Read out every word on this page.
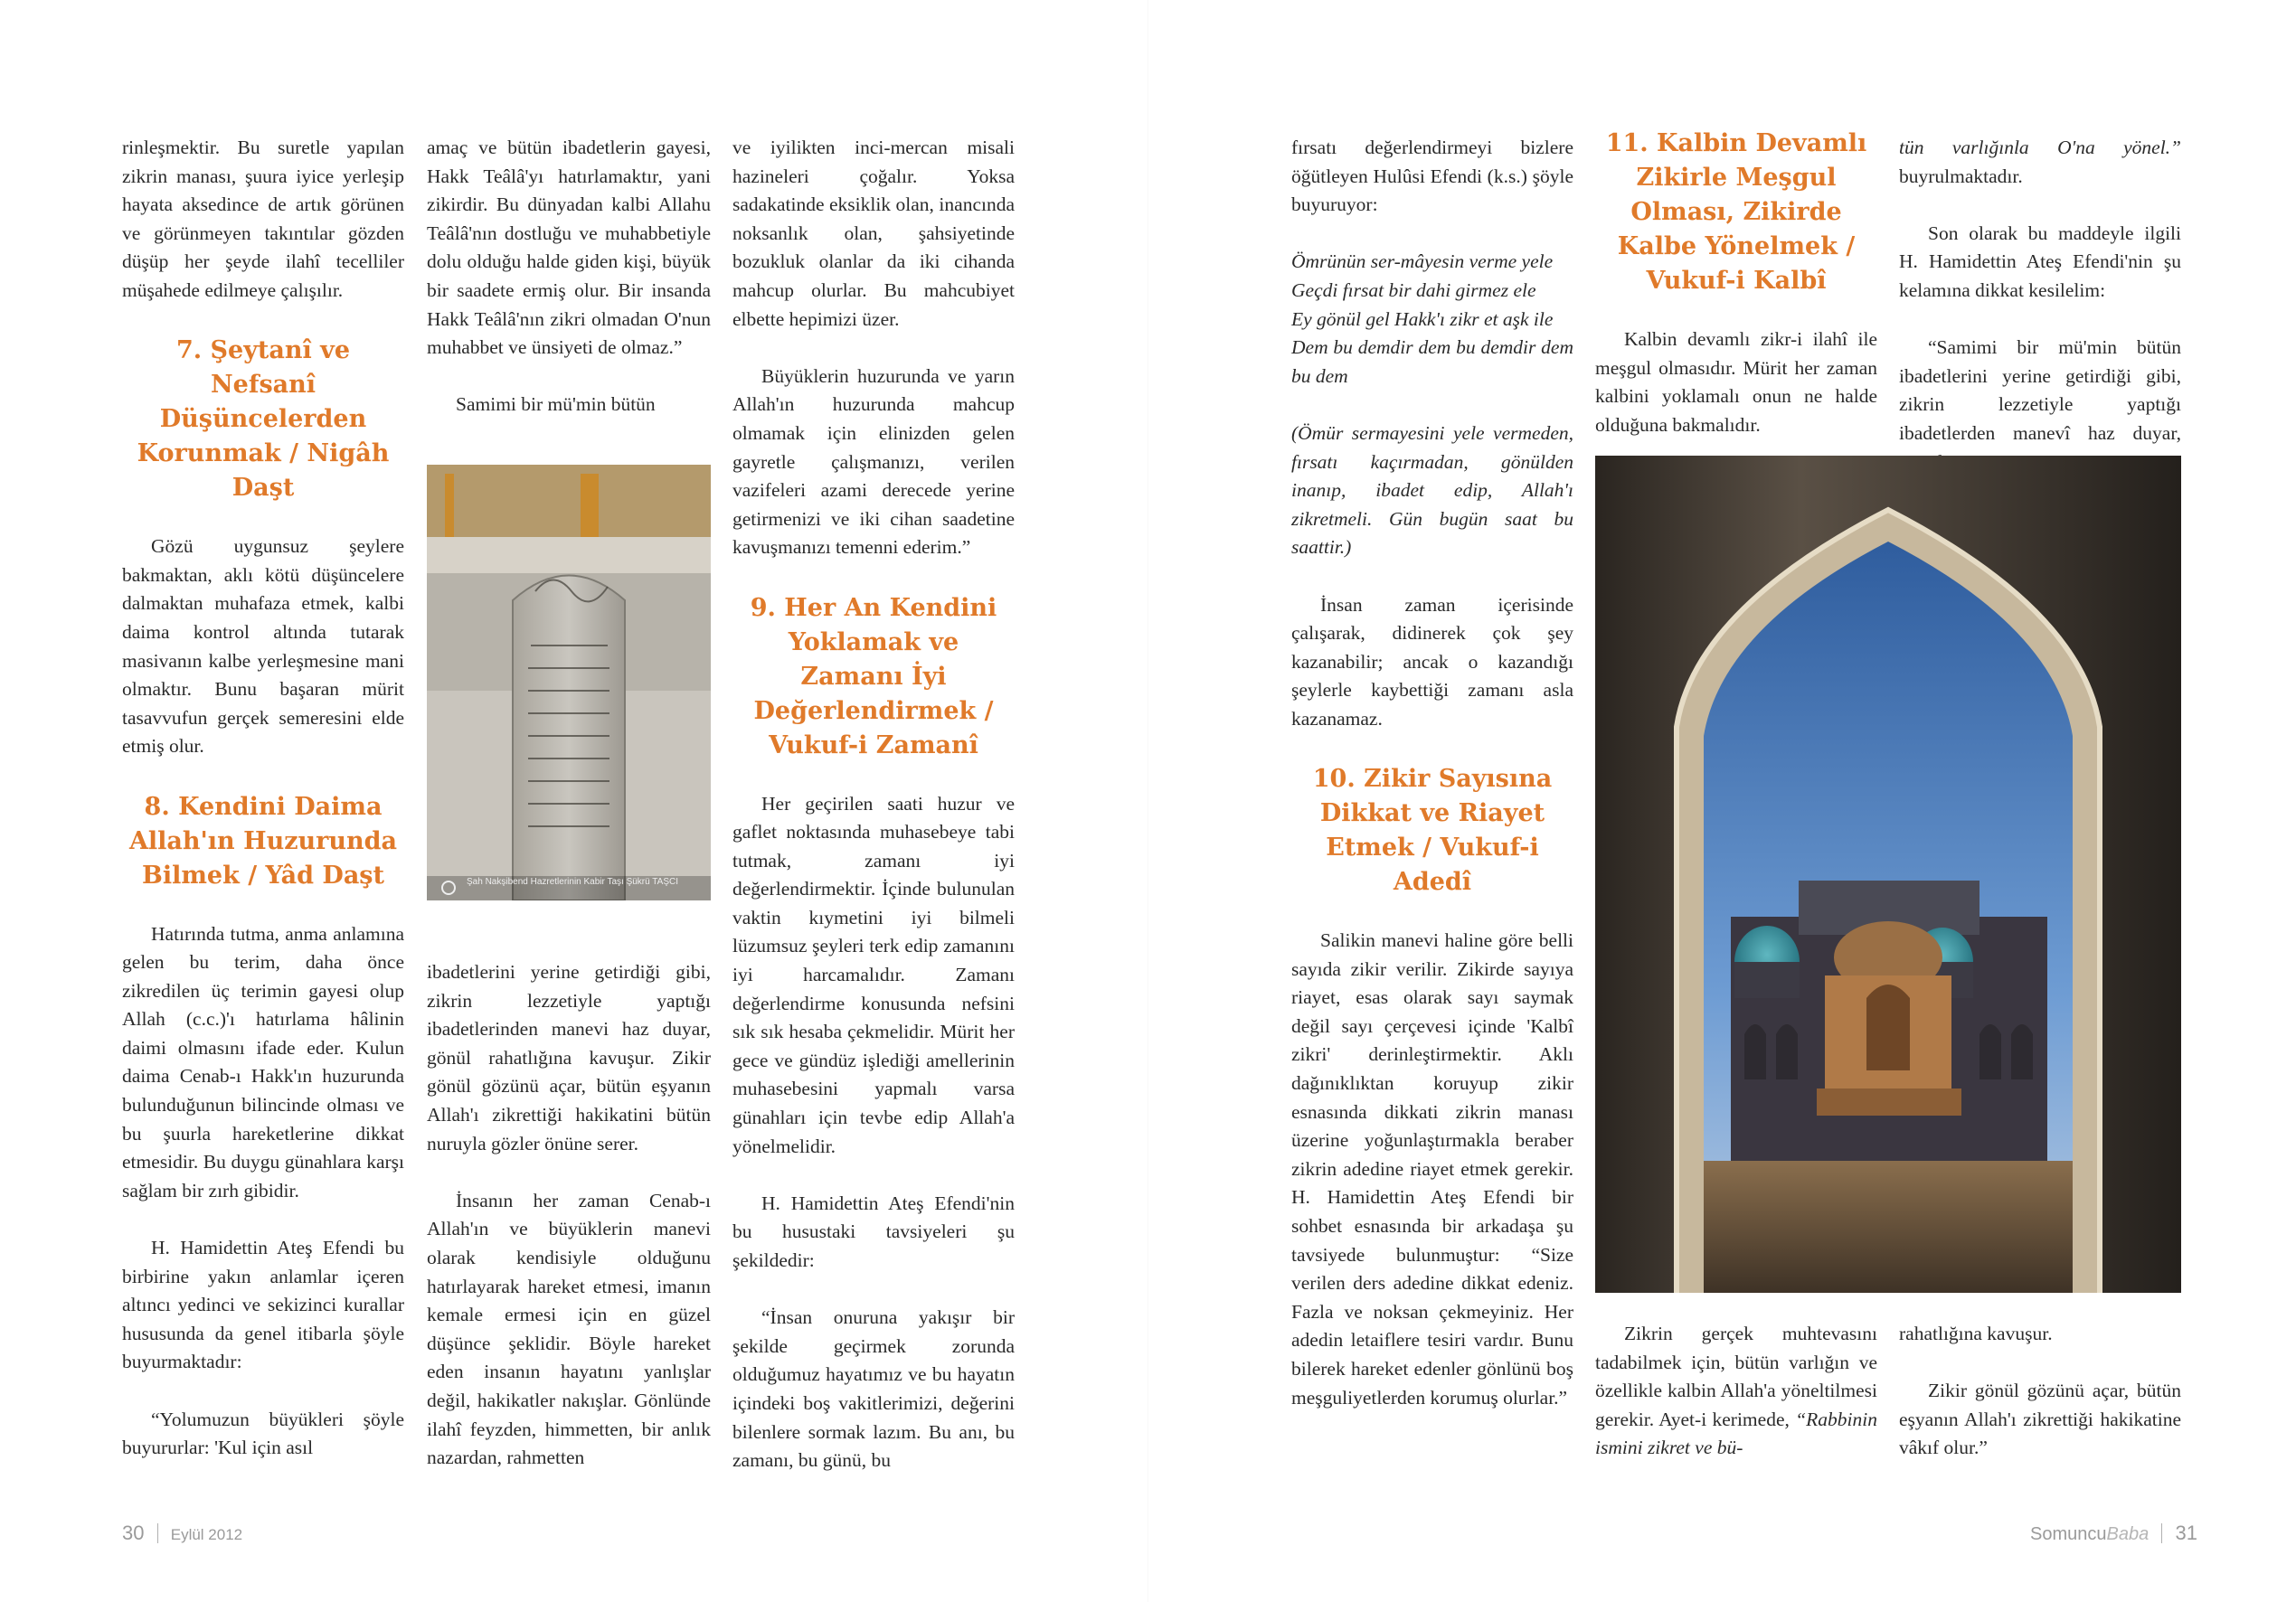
rinleşmektir. Bu suretle yapılan zikrin manası, şuura iyice yerleşip hayata aksedince de artık görünen ve görünmeyen takıntılar gözden düşüp her şeyde ilahî tecelliler müşahede edilmeye çalışılır.

7. Şeytanî ve Nefsanî Düşüncelerden Korunmak / Nigâh Daşt

Gözü uygunsuz şeylere bakmaktan, aklı kötü düşüncelere dalmaktan muhafaza etmek, kalbi daima kontrol altında tutarak masivanın kalbe yerleşmesine mani olmaktır. Bunu başaran mürit tasavvufun gerçek semeresini elde etmiş olur.

8. Kendini Daima Allah'ın Huzurunda Bilmek / Yâd Daşt

Hatırında tutma, anma anlamına gelen bu terim, daha önce zikredilen üç terimin gayesi olup Allah (c.c.)'ı hatırlama hâlinin daimi olmasını ifade eder. Kulun daima Cenab-ı Hakk'ın huzurunda bulunduğunun bilincinde olması ve bu şuurla hareketlerine dikkat etmesidir. Bu duygu günahlara karşı sağlam bir zırh gibidir.

H. Hamidettin Ateş Efendi bu birbirine yakın anlamlar içeren altıncı yedinci ve sekizinci kurallar hususunda da genel itibarla şöyle buyurmaktadır:

“Yolumuzun büyükleri şöyle buyururlar: 'Kul için asıl

amaç ve bütün ibadetlerin gayesi, Hakk Teâlâ'yı hatırlamaktır, yani zikirdir. Bu dünyadan kalbi Allahu Teâlâ'nın dostluğu ve muhabbetiyle dolu olduğu halde giden kişi, büyük bir saadete ermiş olur. Bir insanda Hakk Teâlâ'nın zikri olmadan O'nun muhabbet ve ünsiyeti de olmaz.”

Samimi bir mü'min bütün

Şah Nakşibend Hazretlerinin Kabir Taşı Şükrü TAŞCI

ibadetlerini yerine getirdiği gibi, zikrin lezzetiyle yaptığı ibadetlerinden manevi haz duyar, gönül rahatlığına kavuşur. Zikir gönül gözünü açar, bütün eşyanın Allah'ı zikrettiği hakikatini bütün nuruyla gözler önüne serer.

İnsanın her zaman Cenab-ı Allah'ın ve büyüklerin manevi olarak kendisiyle olduğunu hatırlayarak hareket etmesi, imanın kemale ermesi için en güzel düşünce şeklidir. Böyle hareket eden insanın hayatını yanlışlar değil, hakikatler nakışlar. Gönlünde ilahî feyzden, himmetten, bir anlık nazardan, rahmetten

ve iyilikten inci-mercan misali hazineleri çoğalır. Yoksa sadakatinde eksiklik olan, inancında noksanlık olan, şahsiyetinde bozukluk olanlar da iki cihanda mahcup olurlar. Bu mahcubiyet elbette hepimizi üzer.

Büyüklerin huzurunda ve yarın Allah'ın huzurunda mahcup olmamak için elinizden gelen gayretle çalışmanızı, verilen vazifeleri azami derecede yerine getirmenizi ve iki cihan saadetine kavuşmanızı temenni ederim.”

9. Her An Kendini Yoklamak ve Zamanı İyi Değerlendirmek / Vukuf-i Zamanî

Her geçirilen saati huzur ve gaflet noktasında muhasebeye tabi tutmak, zamanı iyi değerlendirmektir. İçinde bulunulan vaktin kıymetini iyi bilmeli lüzumsuz şeyleri terk edip zamanını iyi harcamalıdır. Zamanı değerlendirme konusunda nefsini sık sık hesaba çekmelidir. Mürit her gece ve gündüz işlediği amellerinin muhasebesini yapmalı varsa günahları için tevbe edip Allah'a yönelmelidir.

H. Hamidettin Ateş Efendi'nin bu husustaki tavsiyeleri şu şekildedir:

“İnsan onuruna yakışır bir şekilde geçirmek zorunda olduğumuz hayatımız ve bu hayatın içindeki boş vakitlerimizi, değerini bilenlere sormak lazım. Bu anı, bu zamanı, bu günü, bu

30 Eylül 2012

fırsatı değerlendirmeyi bizlere öğütleyen Hulûsi Efendi (k.s.) şöyle buyuruyor:

Ömrünün ser-mâyesin verme yele

Geçdi fırsat bir dahi girmez ele

Ey gönül gel Hakk'ı zikr et aşk ile

Dem bu demdir dem bu demdir dem bu dem

(Ömür sermayesini yele vermeden, fırsatı kaçırmadan, gönülden inanıp, ibadet edip, Allah'ı zikretmeli. Gün bugün saat bu saattir.)

İnsan zaman içerisinde çalışarak, didinerek çok şey kazanabilir; ancak o kazandığı şeylerle kaybettiği zamanı asla kazanamaz.

10. Zikir Sayısına Dikkat ve Riayet Etmek / Vukuf-i Adedî

Salikin manevi haline göre belli sayıda zikir verilir. Zikirde sayıya riayet, esas olarak sayı saymak değil sayı çerçevesi içinde 'Kalbî zikri' derinleştirmektir. Aklı dağınıklıktan koruyup zikir esnasında dikkati zikrin manası üzerine yoğunlaştırmakla beraber zikrin adedine riayet etmek gerekir. H. Hamidettin Ateş Efendi bir sohbet esnasında bir arkadaşa şu tavsiyede bulunmuştur: “Size verilen ders adedine dikkat edeniz. Fazla ve noksan çekmeyiniz. Her adedin letaiflere tesiri vardır. Bunu bilerek hareket edenler gönlünü boş meşguliyetlerden korumuş olurlar.”

11. Kalbin Devamlı Zikirle Meşgul Olması, Zikirde Kalbe Yönelmek / Vukuf-i Kalbî

Kalbin devamlı zikr-i ilahî ile meşgul olmasıdır. Mürit her zaman kalbini yoklamalı onun ne halde olduğuna bakmalıdır.

tün varlığınla O'na yönel.” buyrulmaktadır.

Son olarak bu maddeyle ilgili H. Hamidettin Ateş Efendi'nin şu kelamına dikkat kesilelim:

“Samimi bir mü'min bütün ibadetlerini yerine getirdiği gibi, zikrin lezzetiyle yaptığı ibadetlerden manevî haz duyar,

Zikrin gerçek muhtevasını tadabilmek için, bütün varlığın ve özellikle kalbin Allah'a yöneltilmesi gerekir. Ayet-i kerimede, “Rabbinin ismini zikret ve bü-

rahatlığına kavuşur.

Zikir gönül gözünü açar, bütün eşyanın Allah'ı zikrettiği hakikatine vâkıf olur.”

SomuncuBaba 31
